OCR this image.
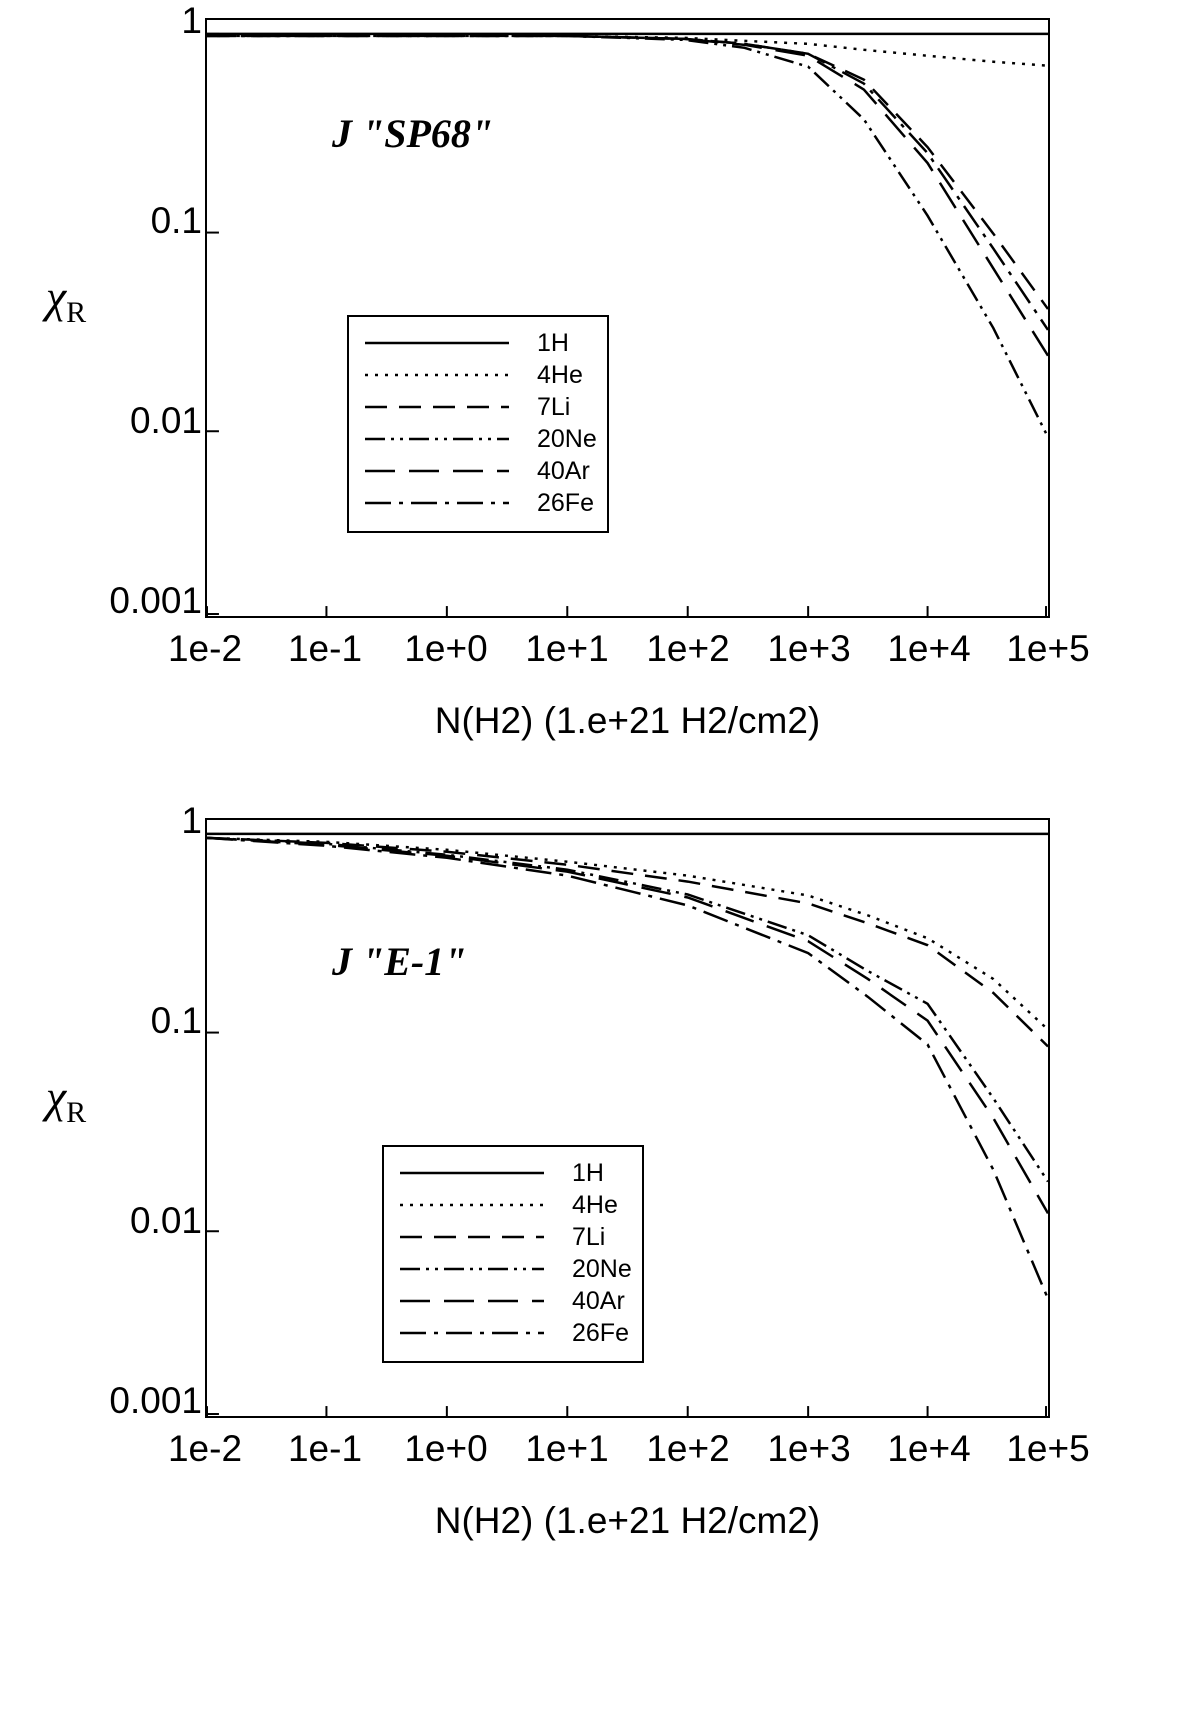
$\chi_R$
1
0.1
0.01
0.001
J "SP68"
1H
4He
7Li
20Ne
40Ar
26Fe
1e-2 1e-1 1e+0 1e+1 1e+2 1e+3 1e+4 1e+5
N(H2) (1.e+21 H2/cm2)
$\chi_R$
1
0.1
0.01
0.001
J "E-1"
1H
4He
7Li
20Ne
40Ar
26Fe
1e-2 1e-1 1e+0 1e+1 1e+2 1e+3 1e+4 1e+5
N(H2) (1.e+21 H2/cm2)
